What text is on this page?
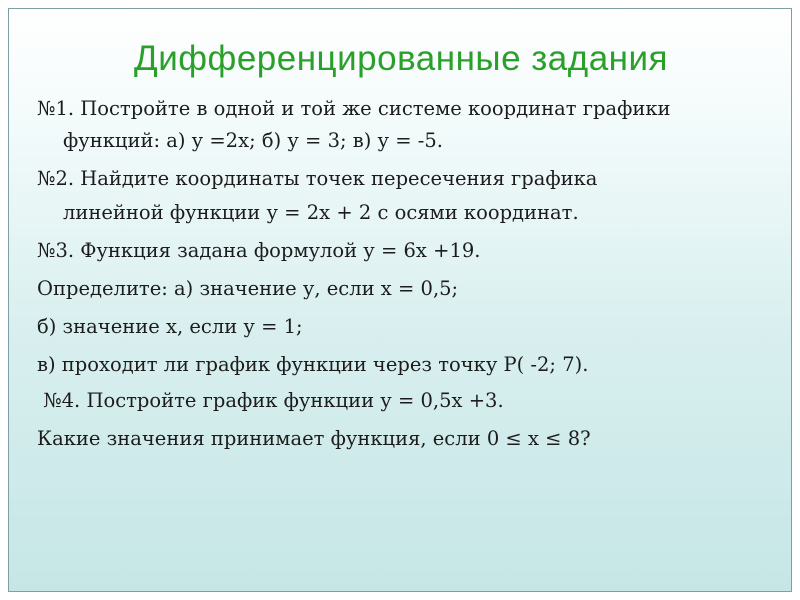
Дифференцированные задания
№1. Постройте в одной и той же системе координат графики
функций: а) у =2х; б) у = 3; в) у = -5.
№2. Найдите координаты точек пересечения графика
линейной функции у = 2х + 2 с осями координат.
№3. Функция задана формулой у = 6х +19.
Определите: а) значение у, если х = 0,5;
б) значение х, если у = 1;
в) проходит ли график функции через точку Р( -2; 7).
№4. Постройте график функции у = 0,5х +3.
Какие значения принимает функция, если 0 ≤ х ≤ 8?
